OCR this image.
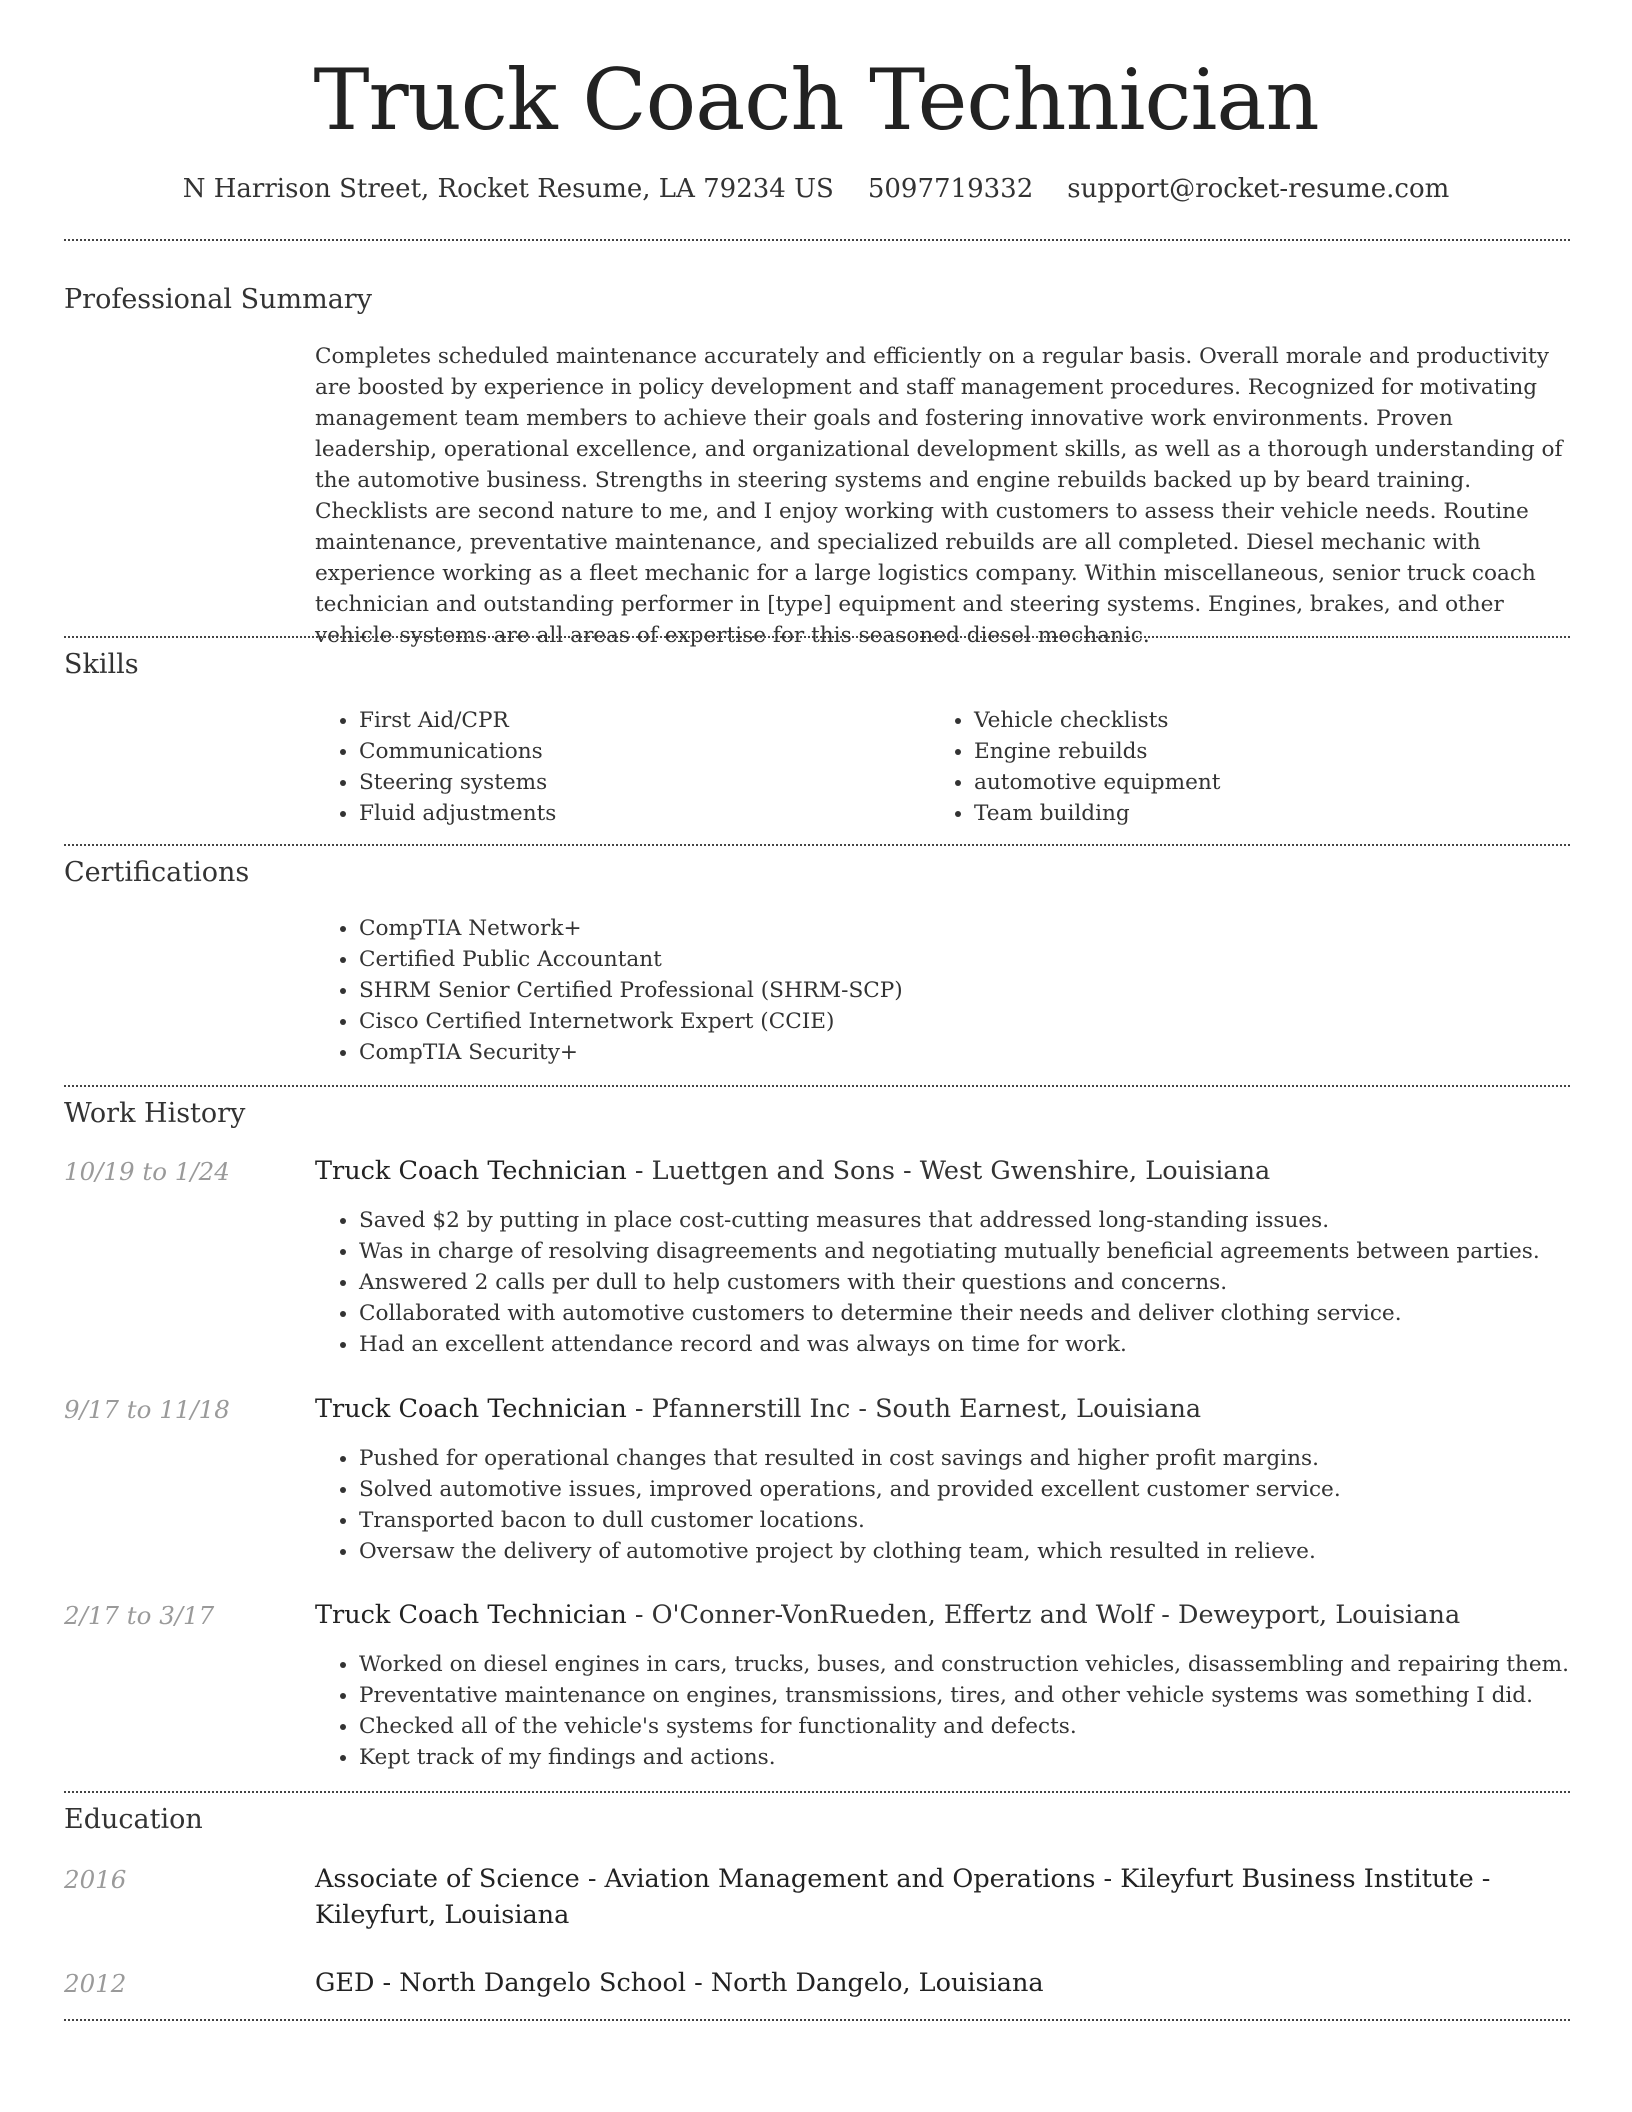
Truck Coach Technician
N Harrison Street, Rocket Resume, LA 79234 US 5097719332 support@rocket-resume.com
Professional Summary

Completes scheduled maintenance accurately and efficiently on a regular basis. Overall morale and productivity are boosted by experience in policy development and staff management procedures. Recognized for motivating management team members to achieve their goals and fostering innovative work environments. Proven leadership, operational excellence, and organizational development skills, as well as a thorough understanding of the automotive business. Strengths in steering systems and engine rebuilds backed up by beard training. Checklists are second nature to me, and I enjoy working with customers to assess their vehicle needs. Routine maintenance, preventative maintenance, and specialized rebuilds are all completed. Diesel mechanic with experience working as a fleet mechanic for a large logistics company. Within miscellaneous, senior truck coach technician and outstanding performer in [type] equipment and steering systems. Engines, brakes, and other vehicle systems are all areas of expertise for this seasoned diesel mechanic.

Skills
• First Aid/CPR
• Communications
• Steering systems
• Fluid adjustments
• Vehicle checklists
• Engine rebuilds
• automotive equipment
• Team building
Certifications
• CompTIA Network+
• Certified Public Accountant
• SHRM Senior Certified Professional (SHRM-SCP)
• Cisco Certified Internetwork Expert (CCIE)
• CompTIA Security+
Work History
10/19 to 1/24	Truck Coach Technician - Luettgen and Sons - West Gwenshire, Louisiana
• Saved $2 by putting in place cost-cutting measures that addressed long-standing issues.
• Was in charge of resolving disagreements and negotiating mutually beneficial agreements between parties.
• Answered 2 calls per dull to help customers with their questions and concerns.
• Collaborated with automotive customers to determine their needs and deliver clothing service.
• Had an excellent attendance record and was always on time for work.
9/17 to 11/18	Truck Coach Technician - Pfannerstill Inc - South Earnest, Louisiana
• Pushed for operational changes that resulted in cost savings and higher profit margins.
• Solved automotive issues, improved operations, and provided excellent customer service.
• Transported bacon to dull customer locations.
• Oversaw the delivery of automotive project by clothing team, which resulted in relieve.
2/17 to 3/17	Truck Coach Technician - O'Conner-VonRueden, Effertz and Wolf - Deweyport, Louisiana
• Worked on diesel engines in cars, trucks, buses, and construction vehicles, disassembling and repairing them.
• Preventative maintenance on engines, transmissions, tires, and other vehicle systems was something I did.
• Checked all of the vehicle's systems for functionality and defects.
• Kept track of my findings and actions.
Education
2016	Associate of Science - Aviation Management and Operations - Kileyfurt Business Institute - Kileyfurt, Louisiana
2012	GED - North Dangelo School - North Dangelo, Louisiana
